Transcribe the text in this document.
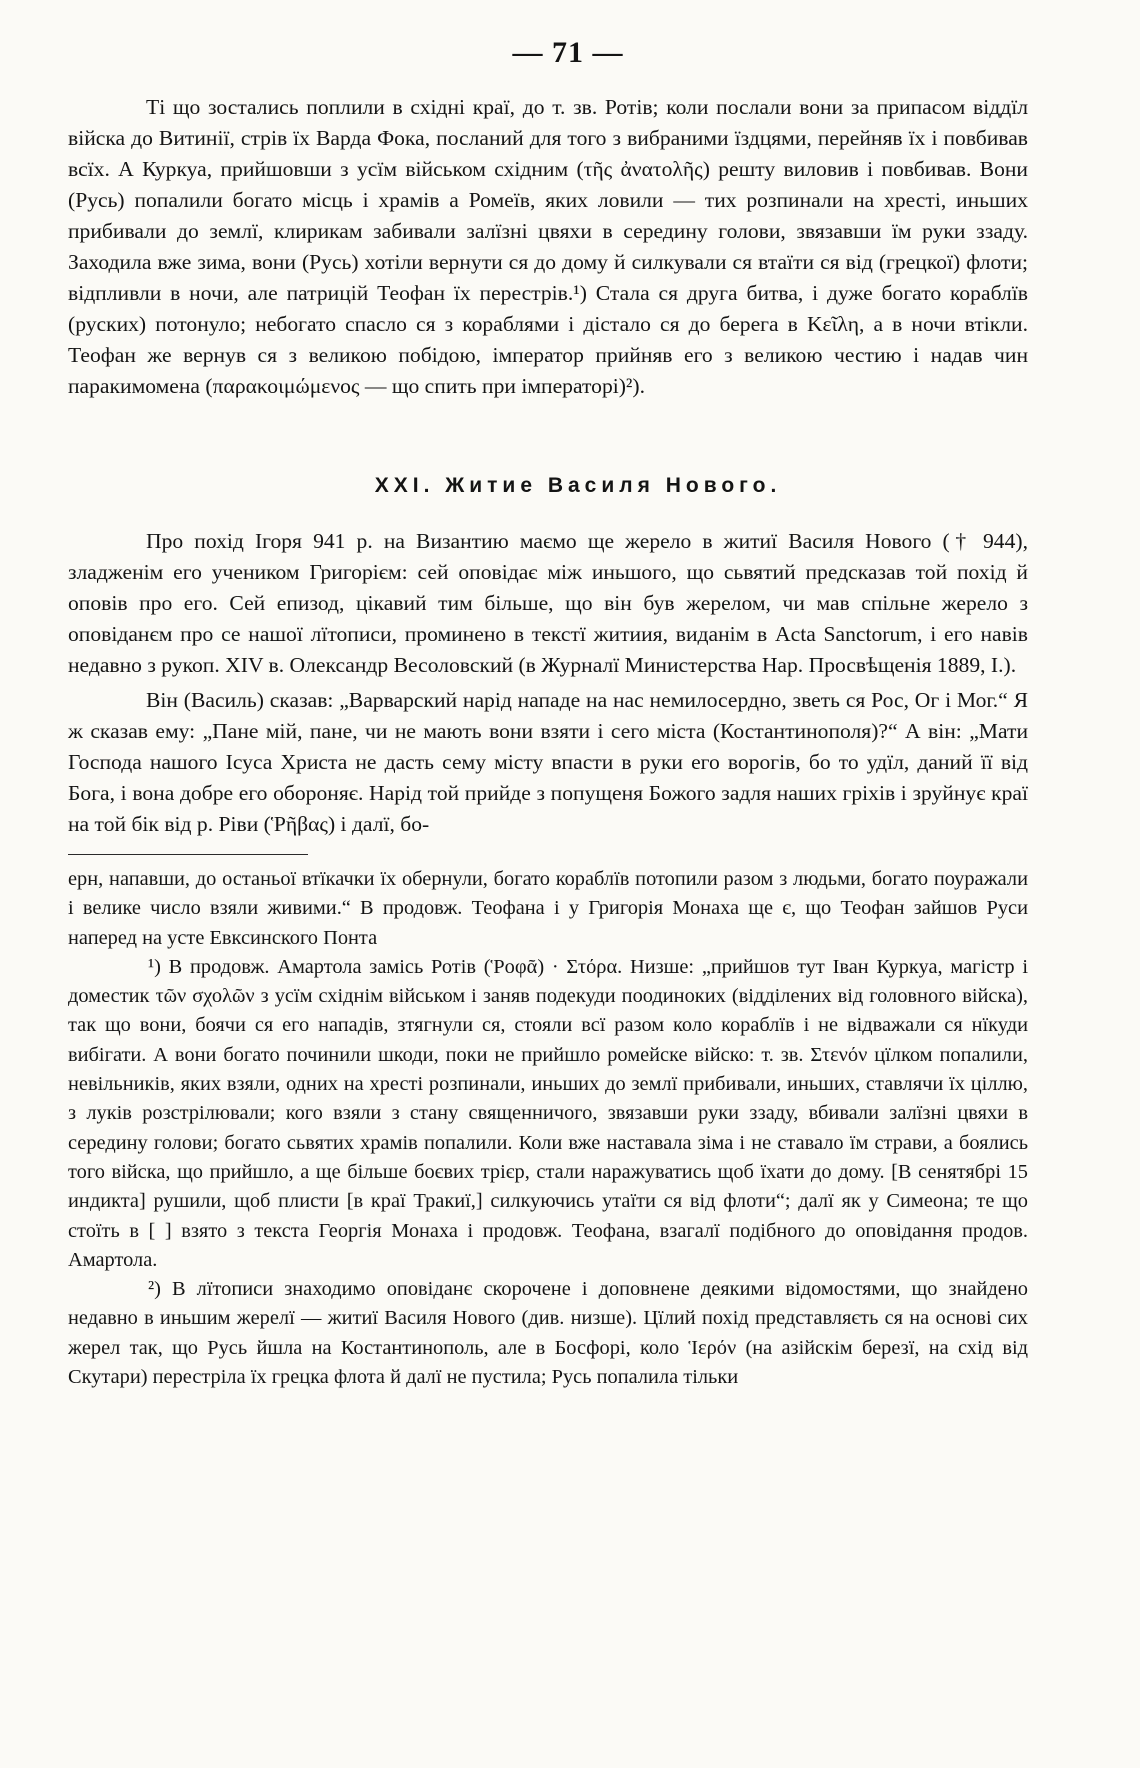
— 71 —

Ті що зостались поплили в східні краї, до т. зв. Ротів; коли послали вони за припасом віддїл війска до Витинії, стрів їх Варда Фока, посланий для того з вибраними їздцями, перейняв їх і повбивав всїх. А Куркуа, прийшовши з усїм військом східним (τῆς ἀνατολῆς) решту виловив і повбивав. Вони (Русь) попалили богато місць і храмів а Ромеїв, яких ловили — тих розпинали на хресті, иньших прибивали до землї, клирикам забивали залїзні цвяхи в середину голови, звязавши їм руки ззаду. Заходила вже зима, вони (Русь) хотіли вернути ся до дому й силкували ся втаїти ся від (грецкої) флоти; відпливли в ночи, але патрицій Теофан їх перестрів.¹) Стала ся друга битва, і дуже богато кораблїв (руских) потонуло; небогато спасло ся з кораблями і дістало ся до берега в Κεῖλη, а в ночи втікли. Теофан же вернув ся з великою побідою, імператор прийняв его з великою честию і надав чин паракимомена (παρακοιμώμενος — що спить при імператорі)²).

XXI. Житие Василя Нового.

Про похід Ігоря 941 р. на Византию маємо ще жерело в житиї Василя Нового († 944), зладженім его учеником Григорієм: сей оповідає між иньшого, що сьвятий предсказав той похід й оповів про его. Сей епизод, цікавий тим більше, що він був жерелом, чи мав спільне жерело з оповіданєм про се нашої лїтописи, проминено в текстї житиия, виданім в Acta Sanctorum, і его навів недавно з рукоп. XIV в. Олександр Весоловский (в Журналї Министерства Нар. Просвѣщенія 1889, I.).

Він (Василь) сказав: „Варварский нарід нападе на нас немилосердно, зветь ся Рос, Ог і Мог.“ Я ж сказав ему: „Пане мій, пане, чи не мають вони взяти і сего міста (Костантинополя)?“ А він: „Мати Господа нашого Ісуса Христа не дасть сему місту впасти в руки его ворогів, бо то удїл, даний її від Бога, і вона добре его обороняє. Нарід той прийде з попущеня Божого задля наших гріхів і зруйнує краї на той бік від р. Ріви (Ῥῆβας) і далї, бо-

ерн, напавши, до останьої втїкачки їх обернули, богато кораблїв потопили разом з людьми, богато поуражали і велике число взяли живими.“ В продовж. Теофана і у Григорія Монаха ще є, що Теофан зайшов Руси наперед на усте Евксинского Понта

¹) В продовж. Амартола замісь Ротів (Ῥοφᾶ) · Στόρα. Низше: „прийшов тут Іван Куркуа, магістр і доместик τῶν σχολῶν з усїм східнім військом і заняв подекуди поодиноких (відділених від головного війска), так що вони, боячи ся его нападів, зтягнули ся, стояли всї разом коло кораблїв і не відважали ся нїкуди вибігати. А вони богато починили шкоди, поки не прийшло ромейске війско: т. зв. Στενόν цїлком попалили, невільників, яких взяли, одних на хресті розпинали, иньших до землї прибивали, иньших, ставлячи їх ціллю, з луків розстрілювали; кого взяли з стану священничого, звязавши руки ззаду, вбивали залїзні цвяхи в середину голови; богато сьвятих храмів попалили. Коли вже наставала зіма і не ставало їм страви, а боялись того війска, що прийшло, а ще більше боєвих трієр, стали наражуватись щоб їхати до дому. [В сенятябрі 15 индикта] рушили, щоб плисти [в краї Тракиї,] силкуючись утаїти ся від флоти“; далї як у Симеона; те що стоїть в [ ] взято з текста Георгія Монаха і продовж. Теофана, взагалї подібного до оповідання продов. Амартола.

²) В лїтописи знаходимо оповіданє скорочене і доповнене деякими відомостями, що знайдено недавно в иньшим жерелї — житиї Василя Нового (див. низше). Цїлий похід представляєть ся на основі сих жерел так, що Русь йшла на Костантинополь, але в Босфорі, коло Ἱερόν (на азійскім березї, на схід від Скутари) перестріла їх грецка флота й далї не пустила; Русь попалила тільки
